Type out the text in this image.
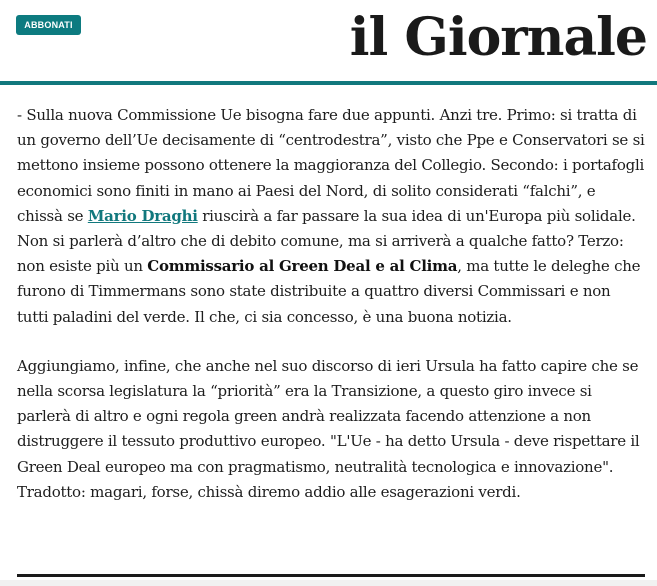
ABBONATI	il Giornale

- Sulla nuova Commissione Ue bisogna fare due appunti. Anzi tre. Primo: si tratta di un governo dell’Ue decisamente di “centrodestra”, visto che Ppe e Conservatori se si mettono insieme possono ottenere la maggioranza del Collegio. Secondo: i portafogli economici sono finiti in mano ai Paesi del Nord, di solito considerati “falchi”, e chissà se Mario Draghi riuscirà a far passare la sua idea di un'Europa più solidale. Non si parlerà d’altro che di debito comune, ma si arriverà a qualche fatto? Terzo: non esiste più un Commissario al Green Deal e al Clima, ma tutte le deleghe che furono di Timmermans sono state distribuite a quattro diversi Commissari e non tutti paladini del verde. Il che, ci sia concesso, è una buona notizia.

Aggiungiamo, infine, che anche nel suo discorso di ieri Ursula ha fatto capire che se nella scorsa legislatura la “priorità” era la Transizione, a questo giro invece si parlerà di altro e ogni regola green andrà realizzata facendo attenzione a non distruggere il tessuto produttivo europeo. "L'Ue - ha detto Ursula - deve rispettare il Green Deal europeo ma con pragmatismo, neutralità tecnologica e innovazione". Tradotto: magari, forse, chissà diremo addio alle esagerazioni verdi.
